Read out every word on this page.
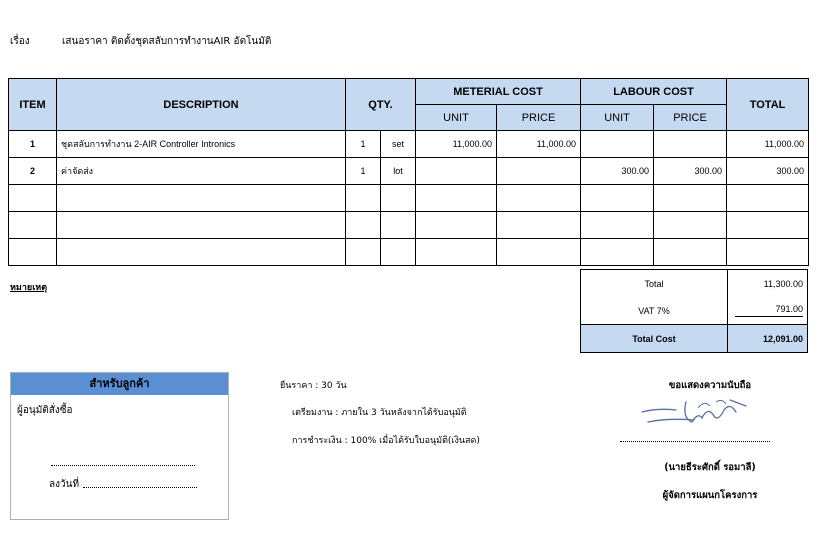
เรื่อง	เสนอราคา ติดตั้งชุดสลับการทำงานAIR อัตโนมัติ
ITEM	DESCRIPTION	QTY.		METERIAL COST		LABOUR COST		TOTAL
				UNIT	PRICE	UNIT	PRICE	
1	ชุดสลับการทำงาน 2-AIR Controller Intronics	1	set	11,000.00	11,000.00			11,000.00
2	ค่าจัดส่ง	1	lot			300.00	300.00	300.00

หมายเหตุ	Total	11,300.00
VAT 7%	791.00
Total Cost	12,091.00
สำหรับลูกค้า
ผู้อนุมัติสั่งซื้อ
ลงวันที่
ยืนราคา : 30 วัน
เตรียมงาน : ภายใน 3 วันหลังจากได้รับอนุมัติ
การชำระเงิน : 100% เมื่อได้รับใบอนุมัติ(เงินสด)
ขอแสดงความนับถือ
(นายธีระศักดิ์ รอมาลี)
ผู้จัดการแผนกโครงการ
